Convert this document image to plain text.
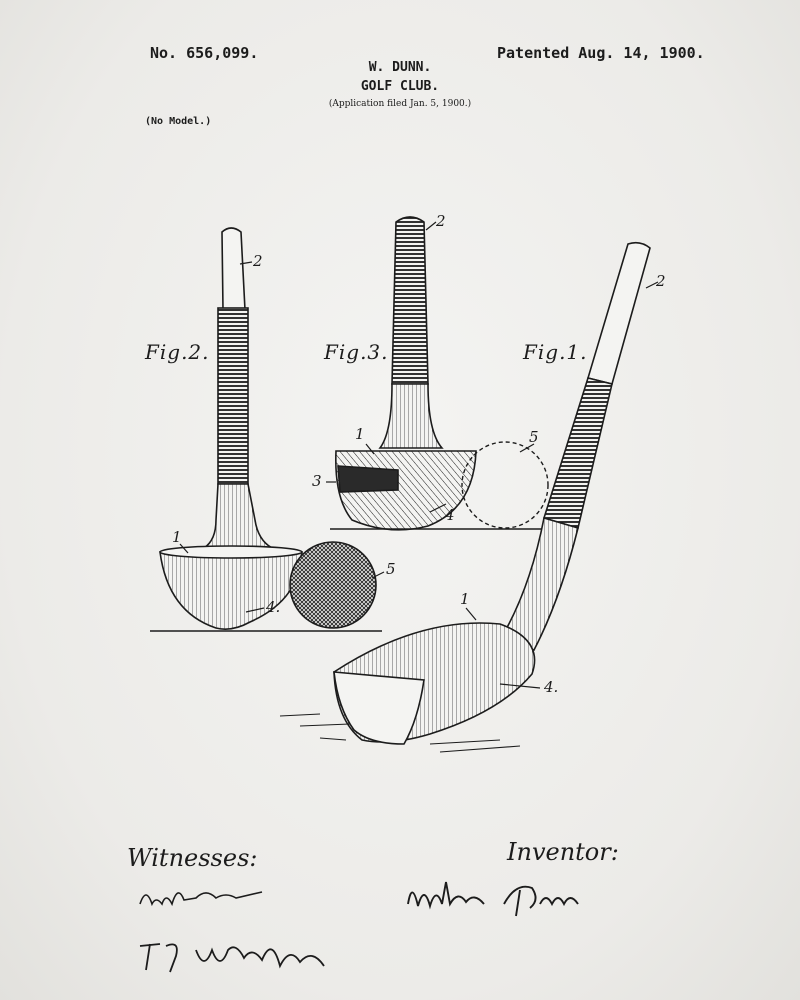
No. 656,099.
W. DUNN.
GOLF CLUB.
(Application filed Jan. 5, 1900.)
Patented Aug. 14, 1900.
(No Model.)
Fig.2.	Fig.3.	Fig.1.
2
1
4.
5
2
1
3
4
5
2
1
4.
Witnesses:	Inventor:
